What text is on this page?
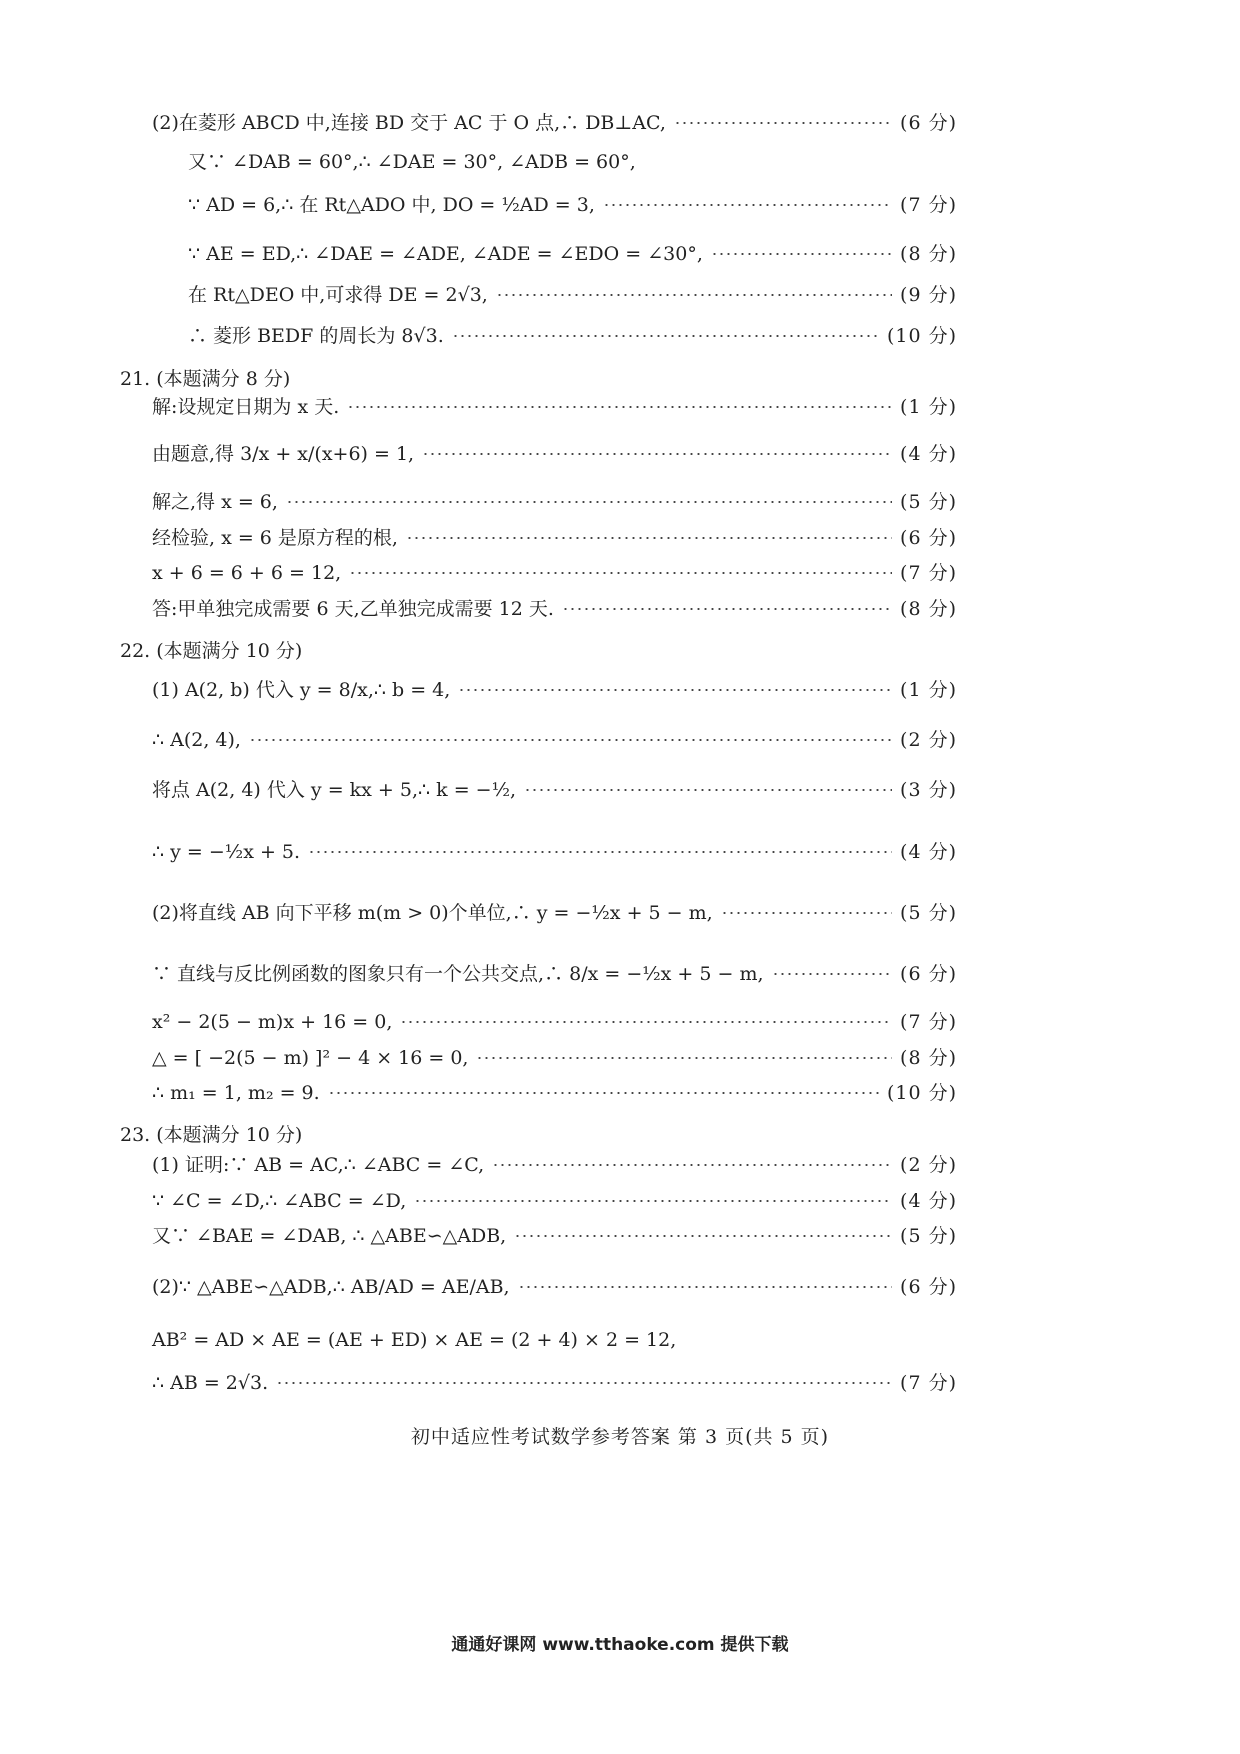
(2)在菱形 ABCD 中,连接 BD 交于 AC 于 O 点,∴ DB⊥AC,	(6 分)
又∵ ∠DAB = 60°,∴ ∠DAE = 30°, ∠ADB = 60°,
∵ AD = 6,∴ 在 Rt△ADO 中, DO = ½AD = 3,	(7 分)
∵ AE = ED,∴ ∠DAE = ∠ADE, ∠ADE = ∠EDO = ∠30°,	(8 分)
在 Rt△DEO 中,可求得 DE = 2√3,	(9 分)
∴ 菱形 BEDF 的周长为 8√3.	(10 分)
21. (本题满分 8 分)
解:设规定日期为 x 天.	(1 分)
由题意,得 3/x + x/(x+6) = 1,	(4 分)
解之,得 x = 6,	(5 分)
经检验, x = 6 是原方程的根,	(6 分)
x + 6 = 6 + 6 = 12,	(7 分)
答:甲单独完成需要 6 天,乙单独完成需要 12 天.	(8 分)
22. (本题满分 10 分)
(1) A(2, b) 代入 y = 8/x,∴ b = 4,	(1 分)
∴ A(2, 4),	(2 分)
将点 A(2, 4) 代入 y = kx + 5,∴ k = −½,	(3 分)
∴ y = −½x + 5.	(4 分)
(2)将直线 AB 向下平移 m(m > 0)个单位,∴ y = −½x + 5 − m,	(5 分)
∵ 直线与反比例函数的图象只有一个公共交点,∴ 8/x = −½x + 5 − m,	(6 分)
x² − 2(5 − m)x + 16 = 0,	(7 分)
△ = [ −2(5 − m) ]² − 4 × 16 = 0,	(8 分)
∴ m₁ = 1, m₂ = 9.	(10 分)
23. (本题满分 10 分)
(1) 证明:∵ AB = AC,∴ ∠ABC = ∠C,	(2 分)
∵ ∠C = ∠D,∴ ∠ABC = ∠D,	(4 分)
又∵ ∠BAE = ∠DAB, ∴ △ABE∽△ADB,	(5 分)
(2)∵ △ABE∽△ADB,∴ AB/AD = AE/AB,	(6 分)
AB² = AD × AE = (AE + ED) × AE = (2 + 4) × 2 = 12,
∴ AB = 2√3.	(7 分)
初中适应性考试数学参考答案 第 3 页(共 5 页)
通通好课网 www.tthaoke.com 提供下载
